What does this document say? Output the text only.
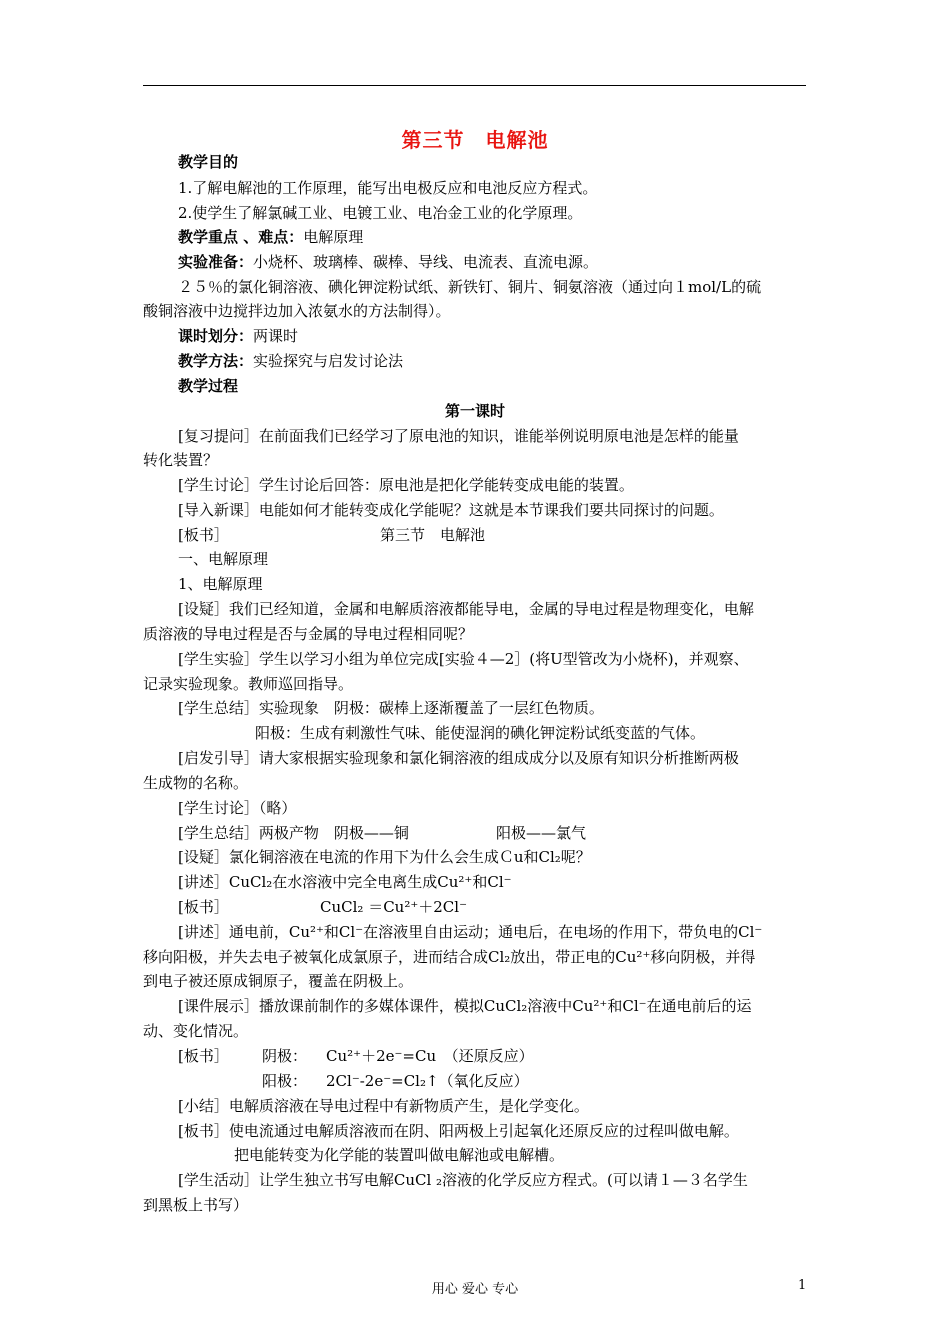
第三节　电解池
教学目的
1.了解电解池的工作原理，能写出电极反应和电池反应方程式。
2.使学生了解氯碱工业、电镀工业、电冶金工业的化学原理。
教学重点 、难点：电解原理
实验准备：小烧杯、玻璃棒、碳棒、导线、电流表、直流电源。
２５％的氯化铜溶液、碘化钾淀粉试纸、新铁钉、铜片、铜氨溶液（通过向１mol/L的硫
酸铜溶液中边搅拌边加入浓氨水的方法制得）。
课时划分：两课时
教学方法：实验探究与启发讨论法
教学过程
第一课时
[复习提问］在前面我们已经学习了原电池的知识，谁能举例说明原电池是怎样的能量
转化装置？
[学生讨论］学生讨论后回答：原电池是把化学能转变成电能的装置。
[导入新课］电能如何才能转变成化学能呢？这就是本节课我们要共同探讨的问题。
[板书］	第三节　电解池
一、电解原理
1、电解原理
[设疑］我们已经知道，金属和电解质溶液都能导电，金属的导电过程是物理变化，电解
质溶液的导电过程是否与金属的导电过程相同呢？
[学生实验］学生以学习小组为单位完成[实验４—2］(将U型管改为小烧杯)，并观察、
记录实验现象。教师巡回指导。
[学生总结］实验现象　阴极：碳棒上逐渐覆盖了一层红色物质。
阳极：生成有刺激性气味、能使湿润的碘化钾淀粉试纸变蓝的气体。
[启发引导］请大家根据实验现象和氯化铜溶液的组成成分以及原有知识分析推断两极
生成物的名称。
[学生讨论］（略）
[学生总结］两极产物　阴极——铜	阳极——氯气
[设疑］氯化铜溶液在电流的作用下为什么会生成Ｃu和Cl₂呢？
[讲述］CuCl₂在水溶液中完全电离生成Cu²⁺和Cl⁻
[板书］	CuCl₂ ＝Cu²⁺＋2Cl⁻
[讲述］通电前，Cu²⁺和Cl⁻在溶液里自由运动；通电后，在电场的作用下，带负电的Cl⁻
移向阳极，并失去电子被氧化成氯原子，进而结合成Cl₂放出，带正电的Cu²⁺移向阴极，并得
到电子被还原成铜原子，覆盖在阴极上。
[课件展示］播放课前制作的多媒体课件，模拟CuCl₂溶液中Cu²⁺和Cl⁻在通电前后的运
动、变化情况。
[板书］ 阴极： Cu²⁺＋2e⁻=Cu　（还原反应）
阳极： 2Cl⁻-2e⁻=Cl₂↑（氧化反应）
[小结］电解质溶液在导电过程中有新物质产生，是化学变化。
[板书］使电流通过电解质溶液而在阴、阳两极上引起氧化还原反应的过程叫做电解。
把电能转变为化学能的装置叫做电解池或电解槽。
[学生活动］让学生独立书写电解CuCl ₂溶液的化学反应方程式。(可以请１—３名学生
到黑板上书写）
用心 爱心 专心	1
